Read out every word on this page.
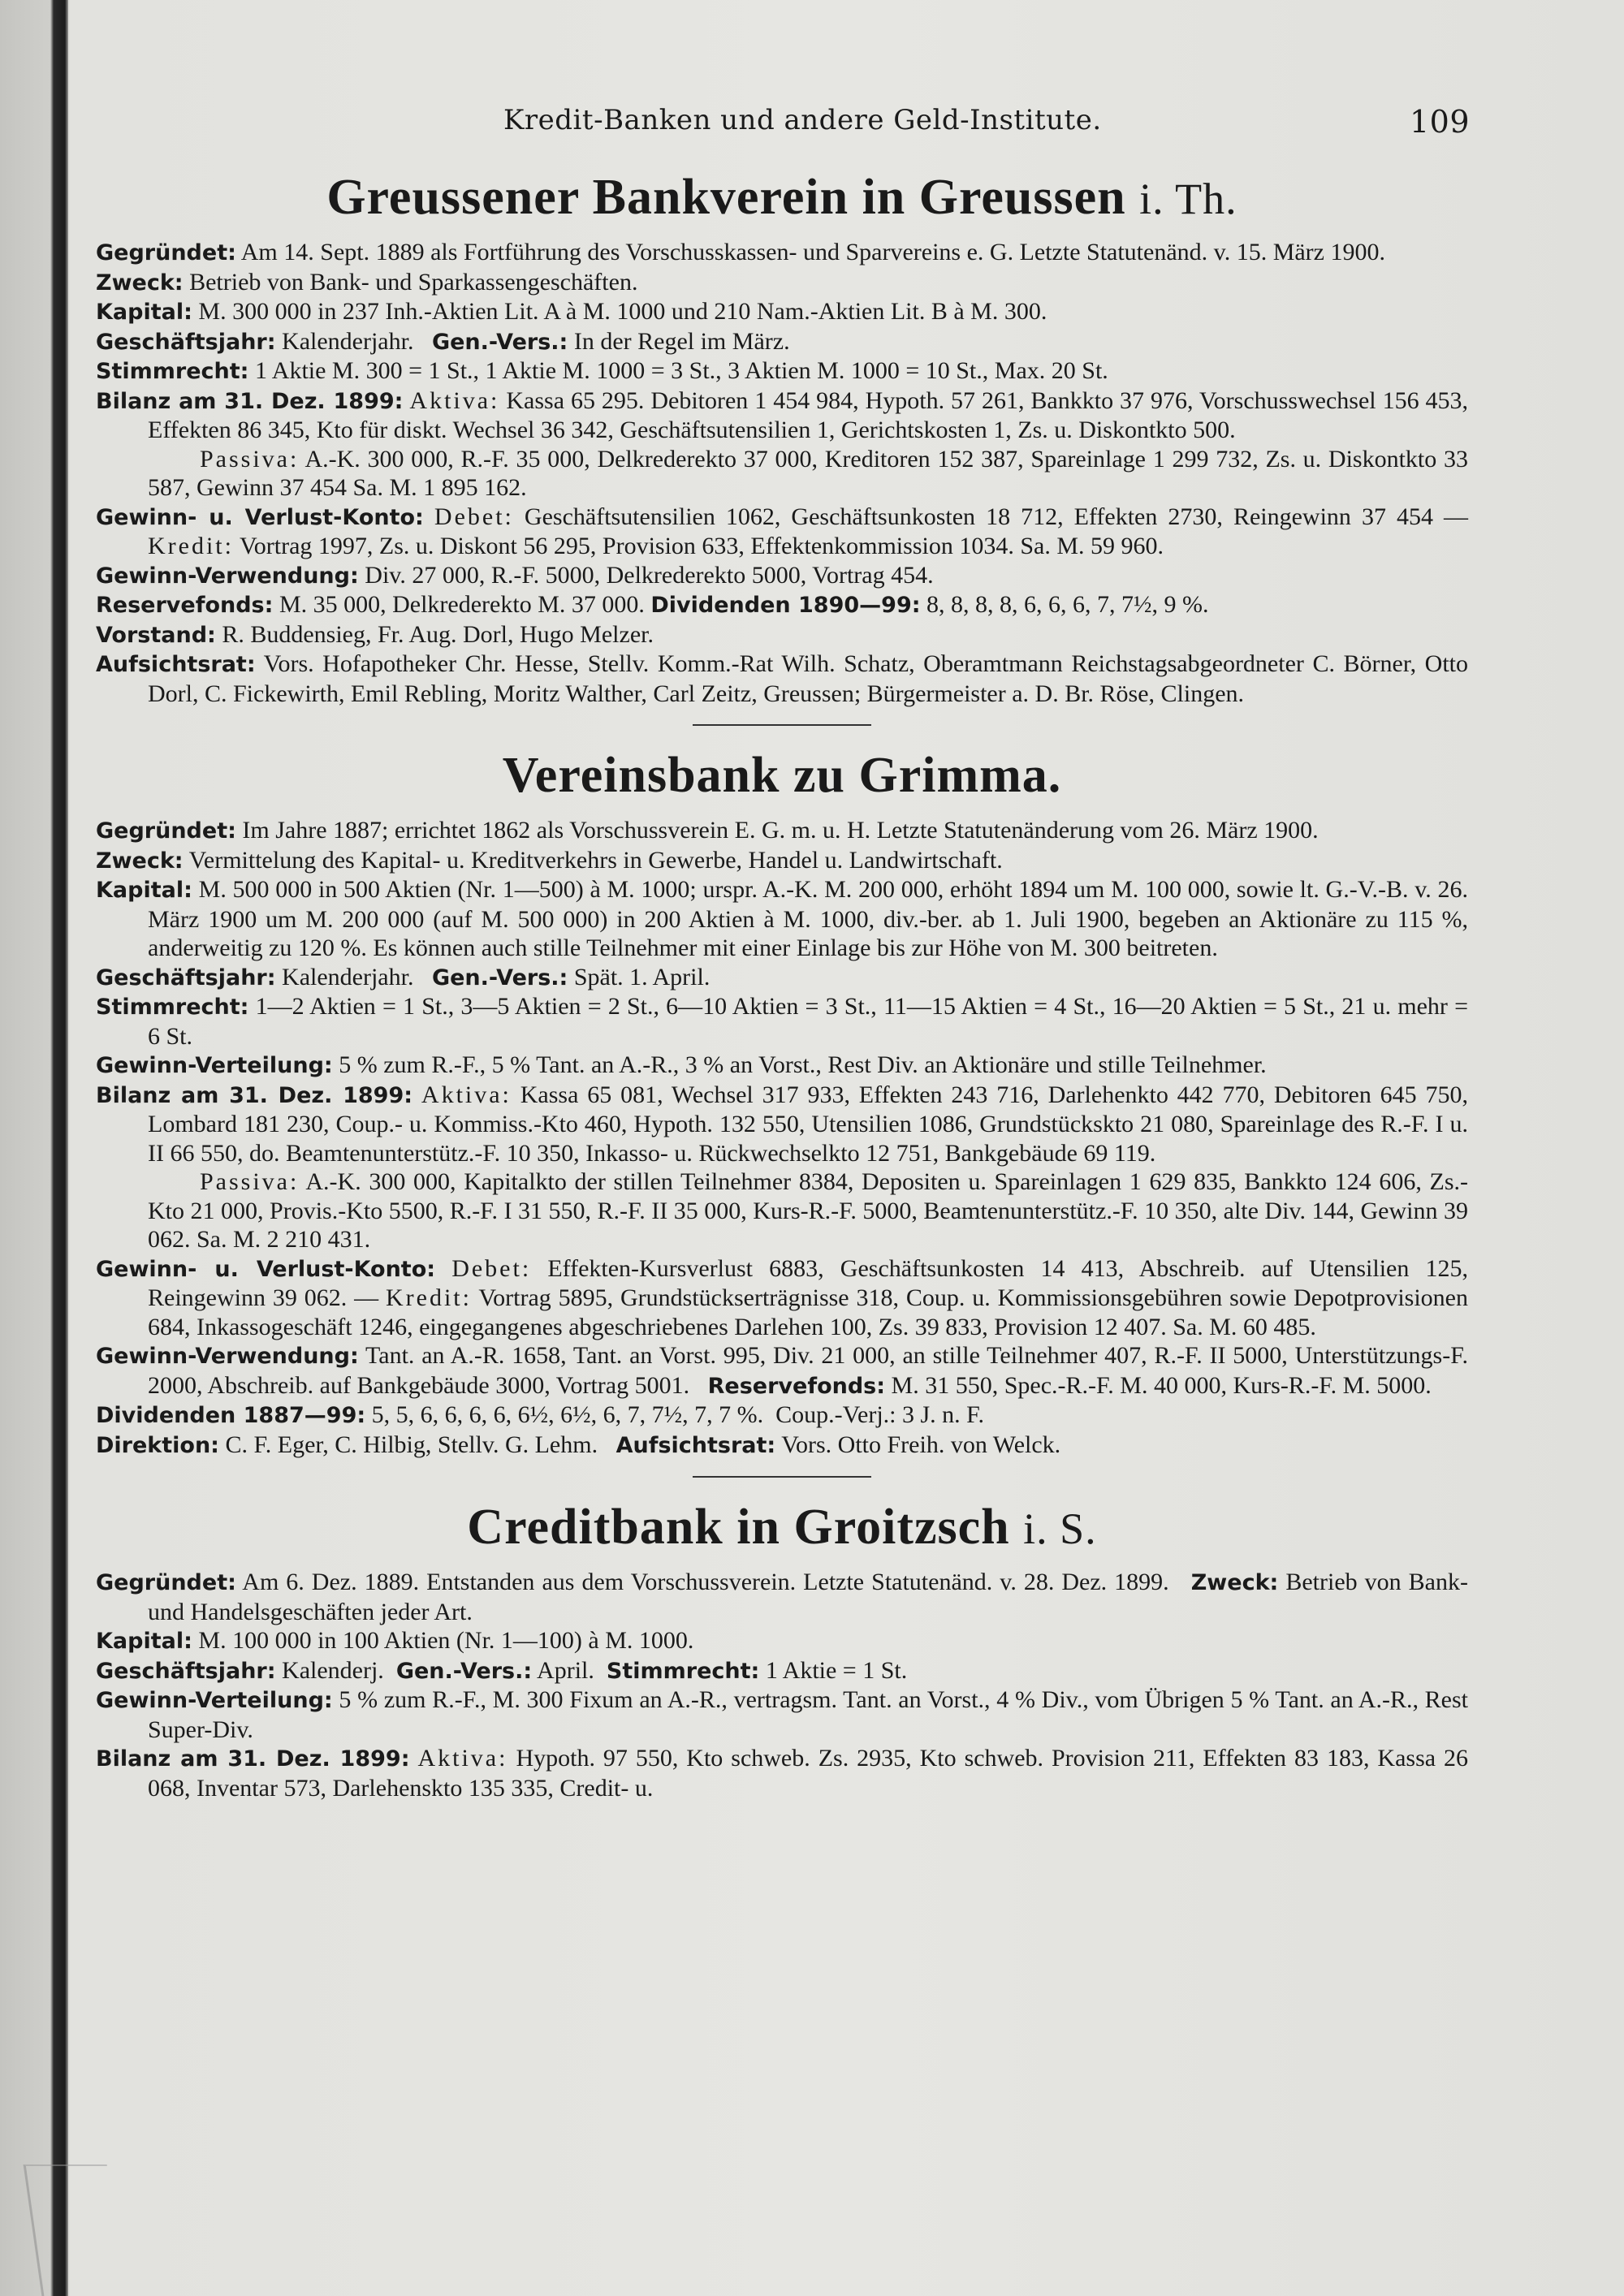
Kredit-Banken und andere Geld-Institute.	109
Greussener Bankverein in Greussen i. Th.

Gegründet: Am 14. Sept. 1889 als Fortführung des Vorschusskassen- und Sparvereins e. G. Letzte Statutenänd. v. 15. März 1900.

Zweck: Betrieb von Bank- und Sparkassengeschäften.

Kapital: M. 300 000 in 237 Inh.-Aktien Lit. A à M. 1000 und 210 Nam.-Aktien Lit. B à M. 300.

Geschäftsjahr: Kalenderjahr. Gen.-Vers.: In der Regel im März.

Stimmrecht: 1 Aktie M. 300 = 1 St., 1 Aktie M. 1000 = 3 St., 3 Aktien M. 1000 = 10 St., Max. 20 St.

Bilanz am 31. Dez. 1899: Aktiva: Kassa 65 295. Debitoren 1 454 984, Hypoth. 57 261, Bankkto 37 976, Vorschusswechsel 156 453, Effekten 86 345, Kto für diskt. Wechsel 36 342, Geschäftsutensilien 1, Gerichtskosten 1, Zs. u. Diskontkto 500.

Passiva: A.-K. 300 000, R.-F. 35 000, Delkrederekto 37 000, Kreditoren 152 387, Spareinlage 1 299 732, Zs. u. Diskontkto 33 587, Gewinn 37 454 Sa. M. 1 895 162.

Gewinn- u. Verlust-Konto: Debet: Geschäftsutensilien 1062, Geschäftsunkosten 18 712, Effekten 2730, Reingewinn 37 454 — Kredit: Vortrag 1997, Zs. u. Diskont 56 295, Provision 633, Effektenkommission 1034. Sa. M. 59 960.

Gewinn-Verwendung: Div. 27 000, R.-F. 5000, Delkrederekto 5000, Vortrag 454.

Reservefonds: M. 35 000, Delkrederekto M. 37 000. Dividenden 1890—99: 8, 8, 8, 8, 6, 6, 6, 7, 7½, 9 %.

Vorstand: R. Buddensieg, Fr. Aug. Dorl, Hugo Melzer.

Aufsichtsrat: Vors. Hofapotheker Chr. Hesse, Stellv. Komm.-Rat Wilh. Schatz, Oberamtmann Reichstagsabgeordneter C. Börner, Otto Dorl, C. Fickewirth, Emil Rebling, Moritz Walther, Carl Zeitz, Greussen; Bürgermeister a. D. Br. Röse, Clingen.

Vereinsbank zu Grimma.

Gegründet: Im Jahre 1887; errichtet 1862 als Vorschussverein E. G. m. u. H. Letzte Statutenänderung vom 26. März 1900.

Zweck: Vermittelung des Kapital- u. Kreditverkehrs in Gewerbe, Handel u. Landwirtschaft.

Kapital: M. 500 000 in 500 Aktien (Nr. 1—500) à M. 1000; urspr. A.-K. M. 200 000, erhöht 1894 um M. 100 000, sowie lt. G.-V.-B. v. 26. März 1900 um M. 200 000 (auf M. 500 000) in 200 Aktien à M. 1000, div.-ber. ab 1. Juli 1900, begeben an Aktionäre zu 115 %, anderweitig zu 120 %. Es können auch stille Teilnehmer mit einer Einlage bis zur Höhe von M. 300 beitreten.

Geschäftsjahr: Kalenderjahr. Gen.-Vers.: Spät. 1. April.

Stimmrecht: 1—2 Aktien = 1 St., 3—5 Aktien = 2 St., 6—10 Aktien = 3 St., 11—15 Aktien = 4 St., 16—20 Aktien = 5 St., 21 u. mehr = 6 St.

Gewinn-Verteilung: 5 % zum R.-F., 5 % Tant. an A.-R., 3 % an Vorst., Rest Div. an Aktionäre und stille Teilnehmer.

Bilanz am 31. Dez. 1899: Aktiva: Kassa 65 081, Wechsel 317 933, Effekten 243 716, Darlehenkto 442 770, Debitoren 645 750, Lombard 181 230, Coup.- u. Kommiss.-Kto 460, Hypoth. 132 550, Utensilien 1086, Grundstückskto 21 080, Spareinlage des R.-F. I u. II 66 550, do. Beamtenunterstütz.-F. 10 350, Inkasso- u. Rückwechselkto 12 751, Bankgebäude 69 119.

Passiva: A.-K. 300 000, Kapitalkto der stillen Teilnehmer 8384, Depositen u. Spareinlagen 1 629 835, Bankkto 124 606, Zs.-Kto 21 000, Provis.-Kto 5500, R.-F. I 31 550, R.-F. II 35 000, Kurs-R.-F. 5000, Beamtenunterstütz.-F. 10 350, alte Div. 144, Gewinn 39 062. Sa. M. 2 210 431.

Gewinn- u. Verlust-Konto: Debet: Effekten-Kursverlust 6883, Geschäftsunkosten 14 413, Abschreib. auf Utensilien 125, Reingewinn 39 062. — Kredit: Vortrag 5895, Grundstückserträgnisse 318, Coup. u. Kommissionsgebühren sowie Depotprovisionen 684, Inkassogeschäft 1246, eingegangenes abgeschriebenes Darlehen 100, Zs. 39 833, Provision 12 407. Sa. M. 60 485.

Gewinn-Verwendung: Tant. an A.-R. 1658, Tant. an Vorst. 995, Div. 21 000, an stille Teilnehmer 407, R.-F. II 5000, Unterstützungs-F. 2000, Abschreib. auf Bankgebäude 3000, Vortrag 5001. Reservefonds: M. 31 550, Spec.-R.-F. M. 40 000, Kurs-R.-F. M. 5000.

Dividenden 1887—99: 5, 5, 6, 6, 6, 6, 6½, 6½, 6, 7, 7½, 7, 7 %. Coup.-Verj.: 3 J. n. F.

Direktion: C. F. Eger, C. Hilbig, Stellv. G. Lehm. Aufsichtsrat: Vors. Otto Freih. von Welck.

Creditbank in Groitzsch i. S.

Gegründet: Am 6. Dez. 1889. Entstanden aus dem Vorschussverein. Letzte Statutenänd. v. 28. Dez. 1899. Zweck: Betrieb von Bank- und Handelsgeschäften jeder Art.

Kapital: M. 100 000 in 100 Aktien (Nr. 1—100) à M. 1000.

Geschäftsjahr: Kalenderj. Gen.-Vers.: April. Stimmrecht: 1 Aktie = 1 St.

Gewinn-Verteilung: 5 % zum R.-F., M. 300 Fixum an A.-R., vertragsm. Tant. an Vorst., 4 % Div., vom Übrigen 5 % Tant. an A.-R., Rest Super-Div.

Bilanz am 31. Dez. 1899: Aktiva: Hypoth. 97 550, Kto schweb. Zs. 2935, Kto schweb. Provision 211, Effekten 83 183, Kassa 26 068, Inventar 573, Darlehenskto 135 335, Credit- u.
